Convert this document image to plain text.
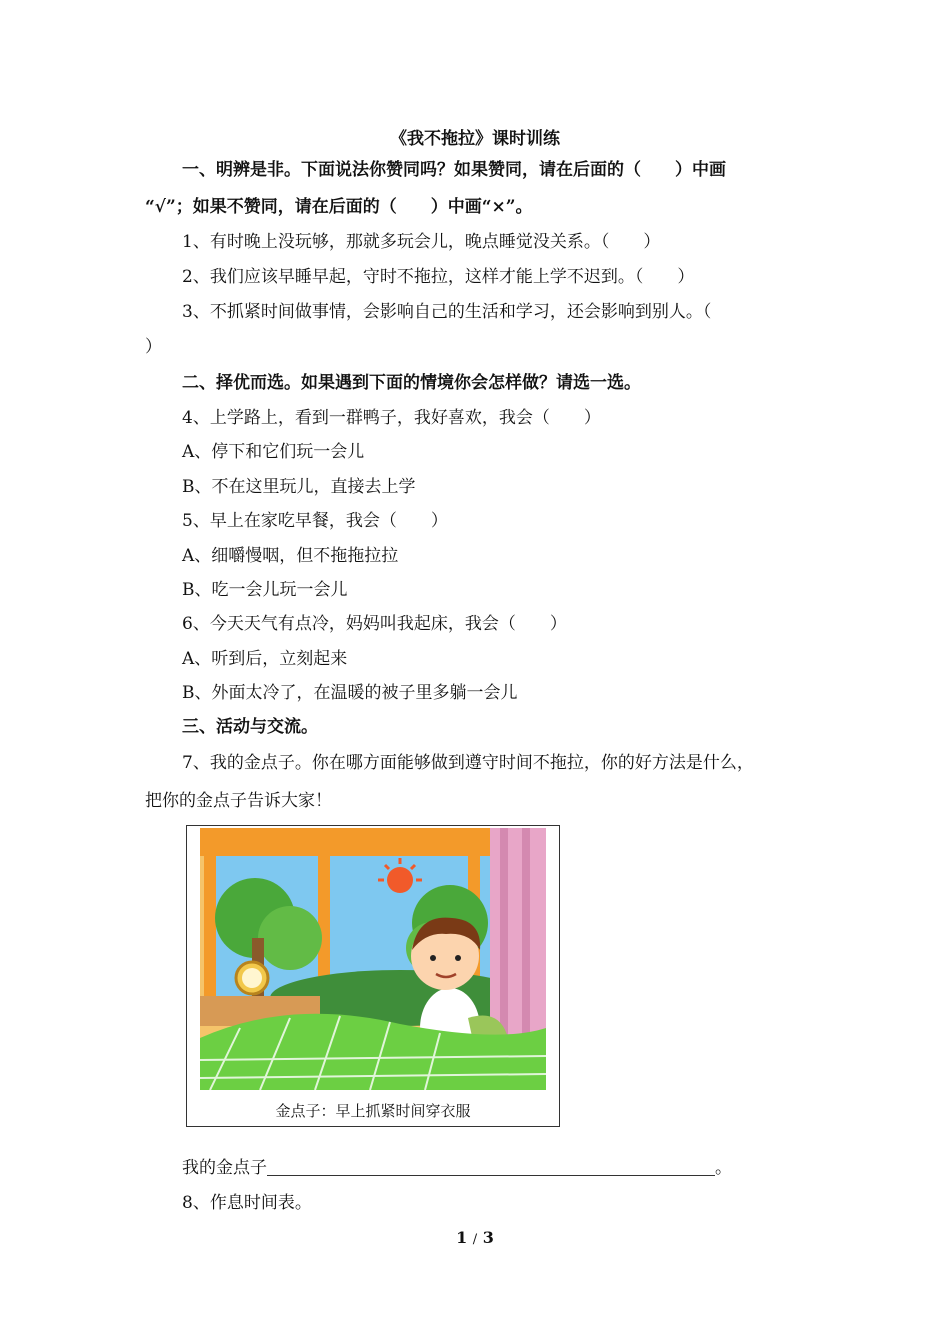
《我不拖拉》课时训练
一、明辨是非。下面说法你赞同吗？如果赞同，请在后面的（　　）中画
“√”；如果不赞同，请在后面的（　　）中画“×”。
1、有时晚上没玩够，那就多玩会儿，晚点睡觉没关系。（　　）
2、我们应该早睡早起，守时不拖拉，这样才能上学不迟到。（　　）
3、不抓紧时间做事情，会影响自己的生活和学习，还会影响到别人。（
）
二、择优而选。如果遇到下面的情境你会怎样做？请选一选。
4、上学路上，看到一群鸭子，我好喜欢，我会（　　）
A、停下和它们玩一会儿
B、不在这里玩儿，直接去上学
5、早上在家吃早餐，我会（　　）
A、细嚼慢咽，但不拖拖拉拉
B、吃一会儿玩一会儿
6、今天天气有点冷，妈妈叫我起床，我会（　　）
A、听到后，立刻起来
B、外面太冷了，在温暖的被子里多躺一会儿
三、活动与交流。
7、我的金点子。你在哪方面能够做到遵守时间不拖拉，你的好方法是什么，
把你的金点子告诉大家！
金点子：早上抓紧时间穿衣服
我的金点子	。
8、作息时间表。
1 / 3
